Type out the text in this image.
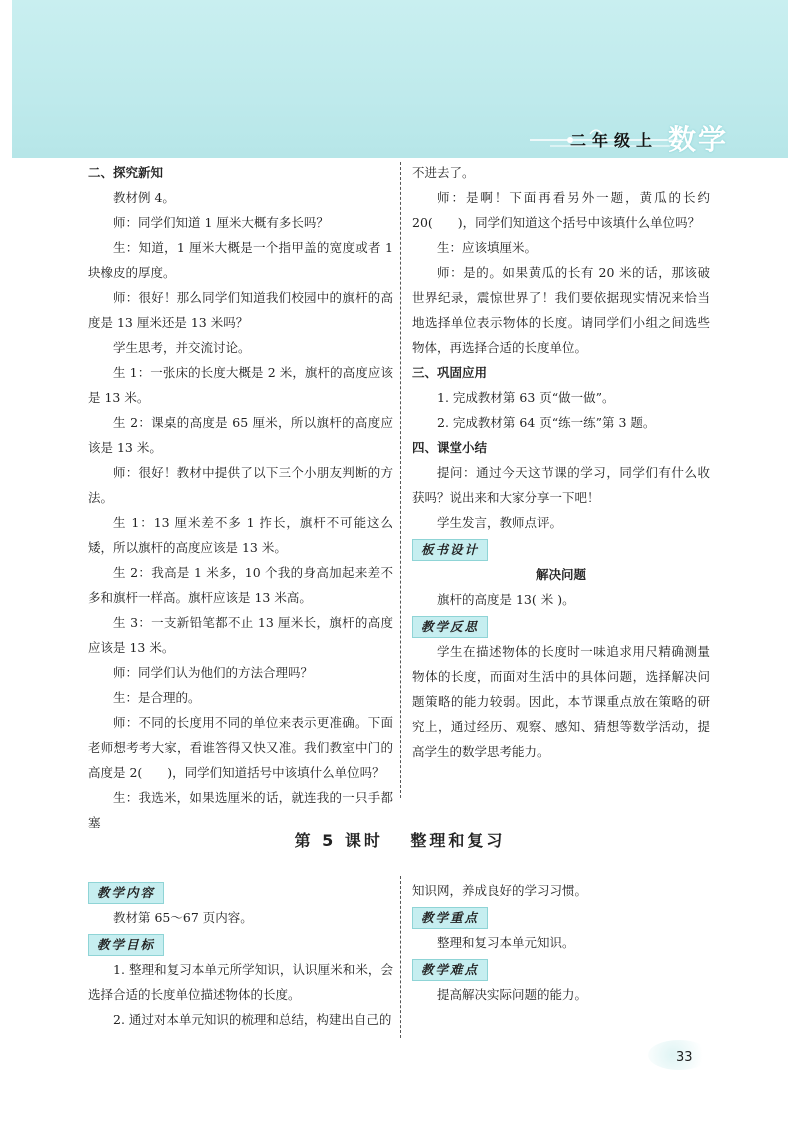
二年级上 数学
二、探究新知

教材例 4。

师：同学们知道 1 厘米大概有多长吗？

生：知道，1 厘米大概是一个指甲盖的宽度或者 1 块橡皮的厚度。

师：很好！那么同学们知道我们校园中的旗杆的高度是 13 厘米还是 13 米吗？

学生思考，并交流讨论。

生 1：一张床的长度大概是 2 米，旗杆的高度应该是 13 米。

生 2：课桌的高度是 65 厘米，所以旗杆的高度应该是 13 米。

师：很好！教材中提供了以下三个小朋友判断的方法。

生 1：13 厘米差不多 1 拃长，旗杆不可能这么矮，所以旗杆的高度应该是 13 米。

生 2：我高是 1 米多，10 个我的身高加起来差不多和旗杆一样高。旗杆应该是 13 米高。

生 3：一支新铅笔都不止 13 厘米长，旗杆的高度应该是 13 米。

师：同学们认为他们的方法合理吗？

生：是合理的。

师：不同的长度用不同的单位来表示更准确。下面老师想考考大家，看谁答得又快又准。我们教室中门的高度是 2(　　)，同学们知道括号中该填什么单位吗？

生：我选米，如果选厘米的话，就连我的一只手都塞

不进去了。

师：是啊！下面再看另外一题，黄瓜的长约 20(　　)，同学们知道这个括号中该填什么单位吗？

生：应该填厘米。

师：是的。如果黄瓜的长有 20 米的话，那该破世界纪录，震惊世界了！我们要依据现实情况来恰当地选择单位表示物体的长度。请同学们小组之间选些物体，再选择合适的长度单位。

三、巩固应用

1. 完成教材第 63 页“做一做”。

2. 完成教材第 64 页“练一练”第 3 题。

四、课堂小结

提问：通过今天这节课的学习，同学们有什么收获吗？说出来和大家分享一下吧！

学生发言，教师点评。

板书设计

解决问题

旗杆的高度是 13( 米 )。

教学反思

学生在描述物体的长度时一味追求用尺精确测量物体的长度，而面对生活中的具体问题，选择解决问题策略的能力较弱。因此，本节课重点放在策略的研究上，通过经历、观察、感知、猜想等数学活动，提高学生的数学思考能力。

第 5 课时　 整理和复习
教学内容

教材第 65～67 页内容。

教学目标

1. 整理和复习本单元所学知识，认识厘米和米，会选择合适的长度单位描述物体的长度。

2. 通过对本单元知识的梳理和总结，构建出自己的

知识网，养成良好的学习习惯。

教学重点

整理和复习本单元知识。

教学难点

提高解决实际问题的能力。

33
